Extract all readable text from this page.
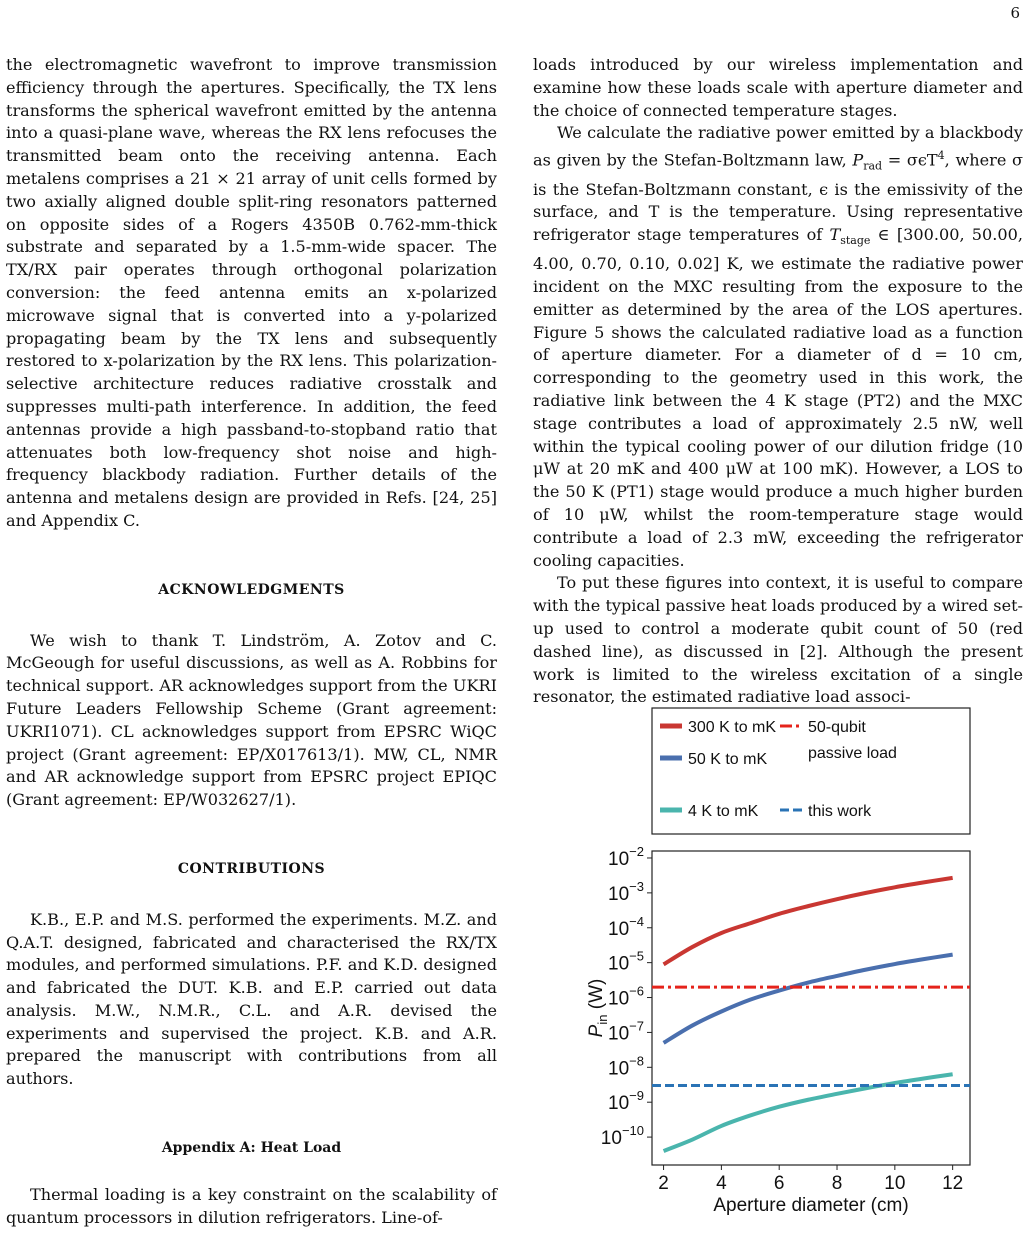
6

the electromagnetic wavefront to improve transmission efficiency through the apertures. Specifically, the TX lens transforms the spherical wavefront emitted by the antenna into a quasi-plane wave, whereas the RX lens refocuses the transmitted beam onto the receiving antenna. Each metalens comprises a 21 × 21 array of unit cells formed by two axially aligned double split-ring resonators patterned on opposite sides of a Rogers 4350B 0.762-mm-thick substrate and separated by a 1.5-mm-wide spacer. The TX/RX pair operates through orthogonal polarization conversion: the feed antenna emits an x-polarized microwave signal that is converted into a y-polarized propagating beam by the TX lens and subsequently restored to x-polarization by the RX lens. This polarization-selective architecture reduces radiative crosstalk and suppresses multi-path interference. In addition, the feed antennas provide a high passband-to-stopband ratio that attenuates both low-frequency shot noise and high-frequency blackbody radiation. Further details of the antenna and metalens design are provided in Refs. [24, 25] and Appendix C.

ACKNOWLEDGMENTS

We wish to thank T. Lindström, A. Zotov and C. McGeough for useful discussions, as well as A. Robbins for technical support. AR acknowledges support from the UKRI Future Leaders Fellowship Scheme (Grant agreement: UKRI1071). CL acknowledges support from EPSRC WiQC project (Grant agreement: EP/X017613/1). MW, CL, NMR and AR acknowledge support from EPSRC project EPIQC (Grant agreement: EP/W032627/1).

CONTRIBUTIONS

K.B., E.P. and M.S. performed the experiments. M.Z. and Q.A.T. designed, fabricated and characterised the RX/TX modules, and performed simulations. P.F. and K.D. designed and fabricated the DUT. K.B. and E.P. carried out data analysis. M.W., N.M.R., C.L. and A.R. devised the experiments and supervised the project. K.B. and A.R. prepared the manuscript with contributions from all authors.

Appendix A: Heat Load

Thermal loading is a key constraint on the scalability of quantum processors in dilution refrigerators. Line-of-

loads introduced by our wireless implementation and examine how these loads scale with aperture diameter and the choice of connected temperature stages.

We calculate the radiative power emitted by a blackbody as given by the Stefan-Boltzmann law, $P_{rad} = \sigma\epsilon T^4$, where σ is the Stefan-Boltzmann constant, ϵ is the emissivity of the surface, and T is the temperature. Using representative refrigerator stage temperatures of $T_{stage}$ ∈ [300.00, 50.00, 4.00, 0.70, 0.10, 0.02] K, we estimate the radiative power incident on the MXC resulting from the exposure to the emitter as determined by the area of the LOS apertures. Figure 5 shows the calculated radiative load as a function of aperture diameter. For a diameter of d = 10 cm, corresponding to the geometry used in this work, the radiative link between the 4 K stage (PT2) and the MXC stage contributes a load of approximately 2.5 nW, well within the typical cooling power of our dilution fridge (10 μW at 20 mK and 400 μW at 100 mK). However, a LOS to the 50 K (PT1) stage would produce a much higher burden of 10 μW, whilst the room-temperature stage would contribute a load of 2.3 mW, exceeding the refrigerator cooling capacities.

To put these figures into context, it is useful to compare with the typical passive heat loads produced by a wired set-up used to control a moderate qubit count of 50 (red dashed line), as discussed in [2]. Although the present work is limited to the wireless excitation of a single resonator, the estimated radiative load associ-

300 K to mK 50-qubit
passive load
50 K to mK
4 K to mK	this work
2 4 6 8 10 12
$10^{-2}$
$10^{-3}$
$10^{-4}$
$10^{-5}$
$10^{-6}$
$10^{-7}$
$10^{-8}$
$10^{-9}$
$10^{-10}$
Aperture diameter (cm)
$P_{in}$ (W)
